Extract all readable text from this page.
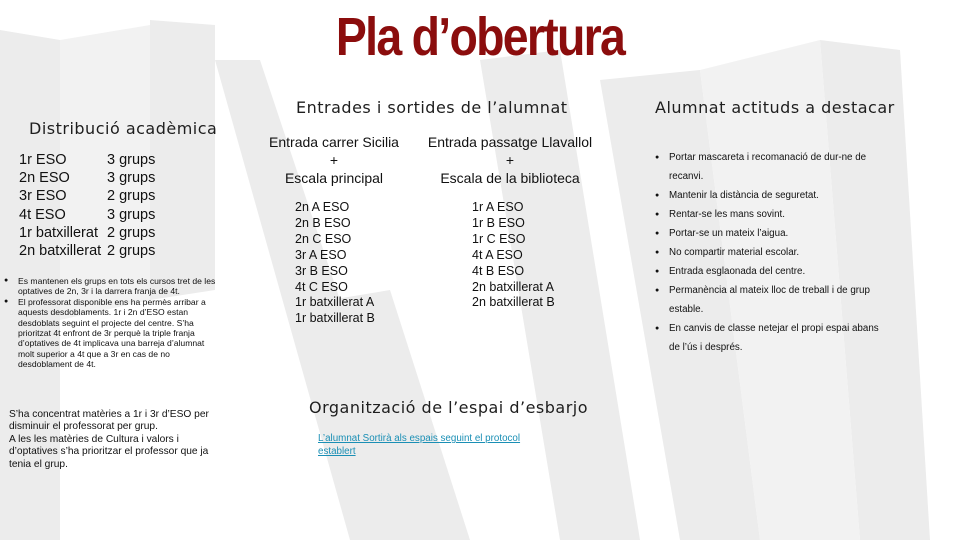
Pla d’obertura
Distribució acadèmica
1r ESO	3 grups
2n ESO	3 grups
3r ESO	2 grups
4t ESO	3 grups
1r batxillerat 2 grups
2n batxillerat 2 grups
● Es mantenen els grups en tots els cursos tret de les optatives de 2n, 3r i la darrera franja de 4t.
● El professorat disponible ens ha permès arribar a aquests desdoblaments. 1r i 2n d’ESO estan desdoblats seguint el projecte del centre. S’ha prioritzat 4t enfront de 3r perquè la triple franja d’optatives de 4t implicava una barreja d’alumnat molt superior a 4t que a 3r en cas de no desdoblament de 4t.
S’ha concentrat matèries a 1r i 3r d’ESO per disminuir el professorat per grup.
A les les matèries de Cultura i valors i d’optatives s’ha prioritzar el professor que ja tenia el grup.
Entrades i sortides de l’alumnat
Entrada carrer Sicilia
+
Escala principal
Entrada passatge Llavallol
+
Escala de la biblioteca
2n A ESO
2n B ESO
2n C ESO
3r A ESO
3r B ESO
4t C ESO
1r batxillerat A
1r batxillerat B
1r A ESO
1r B ESO
1r C ESO
4t A ESO
4t B ESO
2n batxillerat A
2n batxillerat B
Alumnat actituds a destacar
● Portar mascareta i recomanació de dur-ne de recanvi.
● Mantenir la distància de seguretat.
● Rentar-se les mans sovint.
● Portar-se un mateix l’aigua.
● No compartir material escolar.
● Entrada esglaonada del centre.
● Permanència al mateix lloc de treball i de grup estable.
● En canvis de classe netejar el propi espai abans de l’ús i després.
Organització de l’espai d’esbarjo
L’alumnat Sortirà als espais seguint el protocol establert
